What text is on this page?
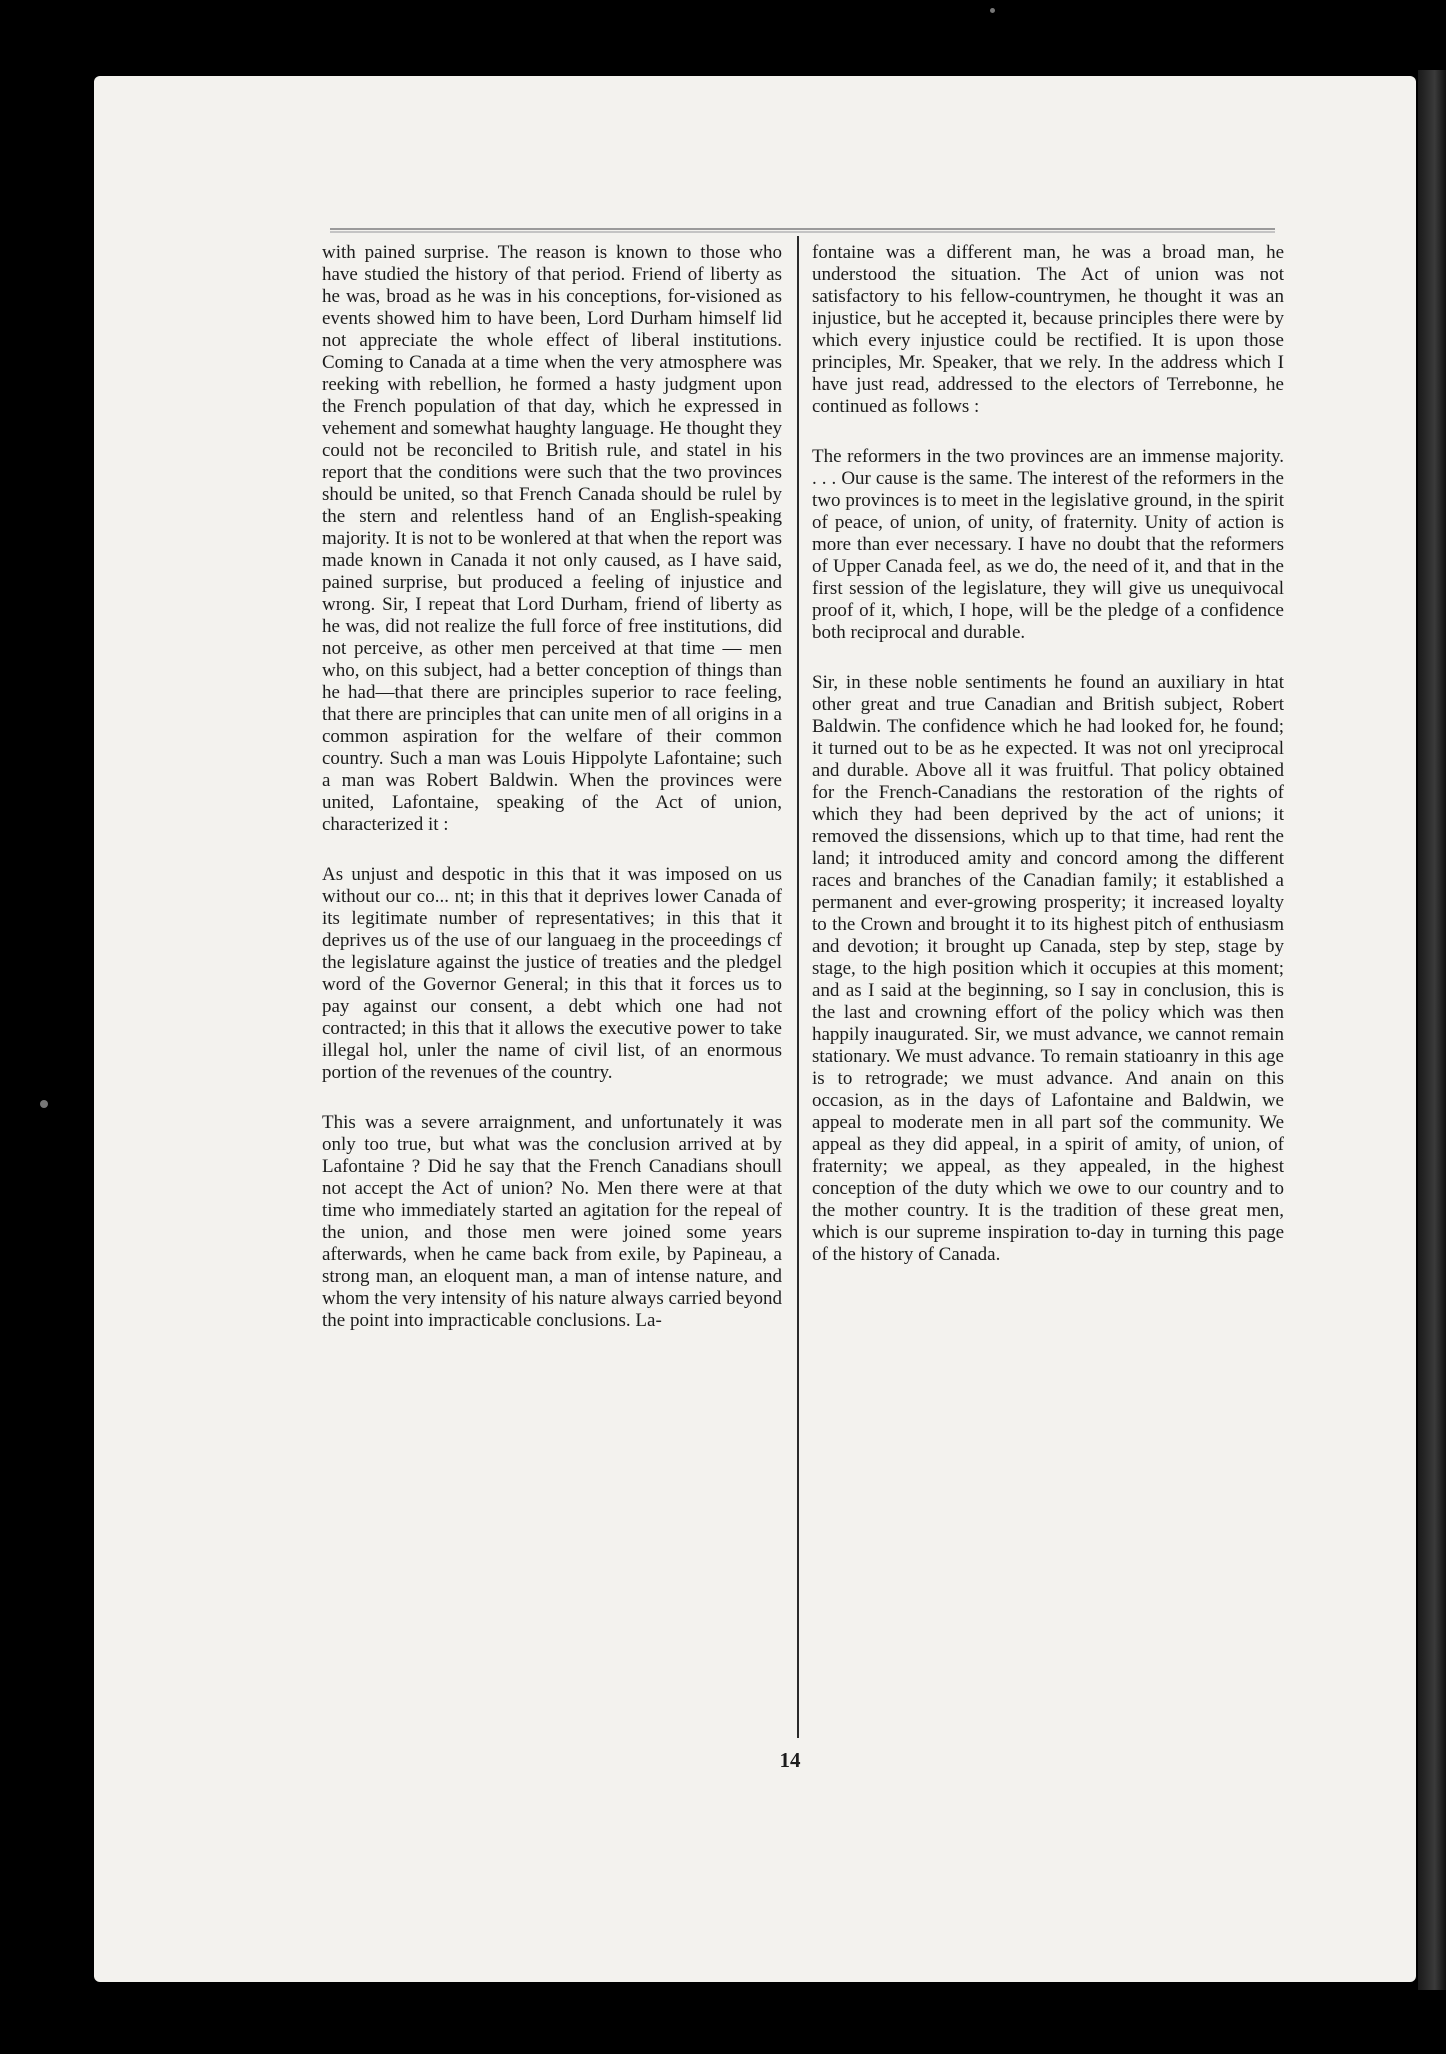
with pained surprise. The reason is known to those who have studied the history of that period. Friend of liberty as he was, broad as he was in his conceptions, for-visioned as events showed him to have been, Lord Durham himself lid not appreciate the whole effect of liberal institutions. Coming to Canada at a time when the very atmosphere was reeking with rebellion, he formed a hasty judgment upon the French population of that day, which he expressed in vehement and somewhat haughty language. He thought they could not be reconciled to British rule, and statel in his report that the conditions were such that the two provinces should be united, so that French Canada should be rulel by the stern and relentless hand of an English-speaking majority. It is not to be wonlered at that when the report was made known in Canada it not only caused, as I have said, pained surprise, but produced a feeling of injustice and wrong. Sir, I repeat that Lord Durham, friend of liberty as he was, did not realize the full force of free institutions, did not perceive, as other men perceived at that time — men who, on this subject, had a better conception of things than he had—that there are principles superior to race feeling, that there are principles that can unite men of all origins in a common aspiration for the welfare of their common country. Such a man was Louis Hippolyte Lafontaine; such a man was Robert Baldwin. When the provinces were united, Lafontaine, speaking of the Act of union, characterized it :

As unjust and despotic in this that it was imposed on us without our co... nt; in this that it deprives lower Canada of its legitimate number of representatives; in this that it deprives us of the use of our languaeg in the proceedings cf the legislature against the justice of treaties and the pledgel word of the Governor General; in this that it forces us to pay against our consent, a debt which one had not contracted; in this that it allows the executive power to take illegal hol, unler the name of civil list, of an enormous portion of the revenues of the country.

This was a severe arraignment, and unfortunately it was only too true, but what was the conclusion arrived at by Lafontaine ? Did he say that the French Canadians shoull not accept the Act of union? No. Men there were at that time who immediately started an agitation for the repeal of the union, and those men were joined some years afterwards, when he came back from exile, by Papineau, a strong man, an eloquent man, a man of intense nature, and whom the very intensity of his nature always carried beyond the point into impracticable conclusions. La-

fontaine was a different man, he was a broad man, he understood the situation. The Act of union was not satisfactory to his fellow-countrymen, he thought it was an injustice, but he accepted it, because principles there were by which every injustice could be rectified. It is upon those principles, Mr. Speaker, that we rely. In the address which I have just read, addressed to the electors of Terrebonne, he continued as follows :

The reformers in the two provinces are an immense majority. . . . Our cause is the same. The interest of the reformers in the two provinces is to meet in the legislative ground, in the spirit of peace, of union, of unity, of fraternity. Unity of action is more than ever necessary. I have no doubt that the reformers of Upper Canada feel, as we do, the need of it, and that in the first session of the legislature, they will give us unequivocal proof of it, which, I hope, will be the pledge of a confidence both reciprocal and durable.

Sir, in these noble sentiments he found an auxiliary in htat other great and true Canadian and British subject, Robert Baldwin. The confidence which he had looked for, he found; it turned out to be as he expected. It was not onl yreciprocal and durable. Above all it was fruitful. That policy obtained for the French-Canadians the restoration of the rights of which they had been deprived by the act of unions; it removed the dissensions, which up to that time, had rent the land; it introduced amity and concord among the different races and branches of the Canadian family; it established a permanent and ever-growing prosperity; it increased loyalty to the Crown and brought it to its highest pitch of enthusiasm and devotion; it brought up Canada, step by step, stage by stage, to the high position which it occupies at this moment; and as I said at the beginning, so I say in conclusion, this is the last and crowning effort of the policy which was then happily inaugurated. Sir, we must advance, we cannot remain stationary. We must advance. To remain statioanry in this age is to retrograde; we must advance. And anain on this occasion, as in the days of Lafontaine and Baldwin, we appeal to moderate men in all part sof the community. We appeal as they did appeal, in a spirit of amity, of union, of fraternity; we appeal, as they appealed, in the highest conception of the duty which we owe to our country and to the mother country. It is the tradition of these great men, which is our supreme inspiration to-day in turning this page of the history of Canada.

14
